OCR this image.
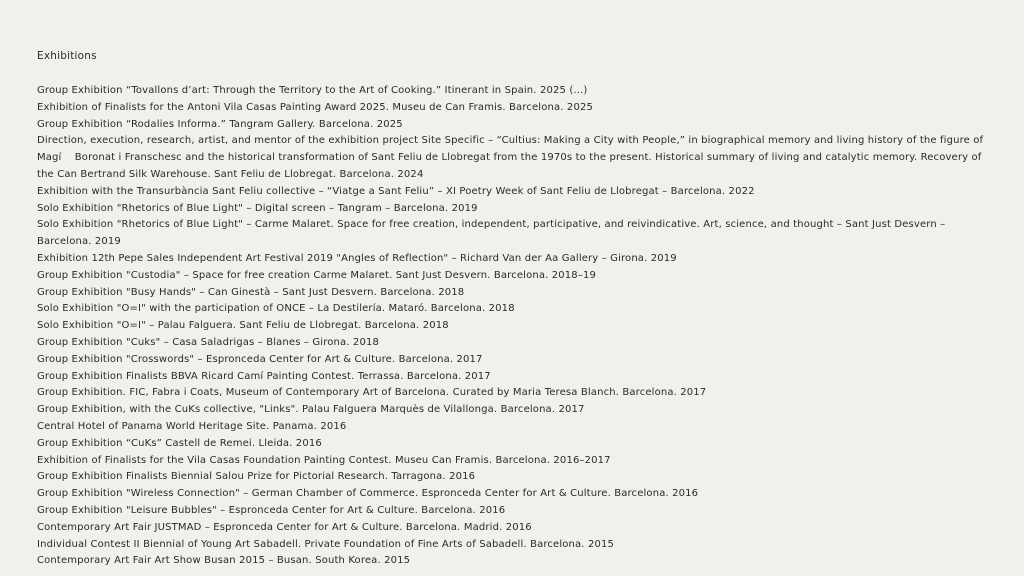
Exhibitions
Group Exhibition “Tovallons d’art: Through the Territory to the Art of Cooking.” Itinerant in Spain. 2025 (...)
Exhibition of Finalists for the Antoni Vila Casas Painting Award 2025. Museu de Can Framis. Barcelona. 2025
Group Exhibition “Rodalies Informa.” Tangram Gallery. Barcelona. 2025
Direction, execution, research, artist, and mentor of the exhibition project Site Specific – “Cultius: Making a City with People,” in biographical memory and living history of the figure of Magí    Boronat i Franschesc and the historical transformation of Sant Feliu de Llobregat from the 1970s to the present. Historical summary of living and catalytic memory. Recovery of the Can Bertrand Silk Warehouse. Sant Feliu de Llobregat. Barcelona. 2024
Exhibition with the Transurbància Sant Feliu collective – “Viatge a Sant Feliu” – XI Poetry Week of Sant Feliu de Llobregat – Barcelona. 2022
Solo Exhibition "Rhetorics of Blue Light" – Digital screen – Tangram – Barcelona. 2019
Solo Exhibition "Rhetorics of Blue Light" – Carme Malaret. Space for free creation, independent, participative, and reivindicative. Art, science, and thought – Sant Just Desvern – Barcelona. 2019
Exhibition 12th Pepe Sales Independent Art Festival 2019 "Angles of Reflection" – Richard Van der Aa Gallery – Girona. 2019
Group Exhibition "Custodia" – Space for free creation Carme Malaret. Sant Just Desvern. Barcelona. 2018–19
Group Exhibition "Busy Hands" – Can Ginestà – Sant Just Desvern. Barcelona. 2018
Solo Exhibition "O=I" with the participation of ONCE – La Destilería. Mataró. Barcelona. 2018
Solo Exhibition "O=I" – Palau Falguera. Sant Feliu de Llobregat. Barcelona. 2018
Group Exhibition "Cuks" – Casa Saladrigas – Blanes – Girona. 2018
Group Exhibition "Crosswords" – Espronceda Center for Art & Culture. Barcelona. 2017
Group Exhibition Finalists BBVA Ricard Camí Painting Contest. Terrassa. Barcelona. 2017
Group Exhibition. FIC, Fabra i Coats, Museum of Contemporary Art of Barcelona. Curated by Maria Teresa Blanch. Barcelona. 2017
Group Exhibition, with the CuKs collective, "Links". Palau Falguera Marquès de Vilallonga. Barcelona. 2017
Central Hotel of Panama World Heritage Site. Panama. 2016
Group Exhibition “CuKs” Castell de Remei. Lleida. 2016
Exhibition of Finalists for the Vila Casas Foundation Painting Contest. Museu Can Framis. Barcelona. 2016–2017
Group Exhibition Finalists Biennial Salou Prize for Pictorial Research. Tarragona. 2016
Group Exhibition "Wireless Connection" – German Chamber of Commerce. Espronceda Center for Art & Culture. Barcelona. 2016
Group Exhibition "Leisure Bubbles" – Espronceda Center for Art & Culture. Barcelona. 2016
Contemporary Art Fair JUSTMAD – Espronceda Center for Art & Culture. Barcelona. Madrid. 2016
Individual Contest II Biennial of Young Art Sabadell. Private Foundation of Fine Arts of Sabadell. Barcelona. 2015
Contemporary Art Fair Art Show Busan 2015 – Busan. South Korea. 2015
